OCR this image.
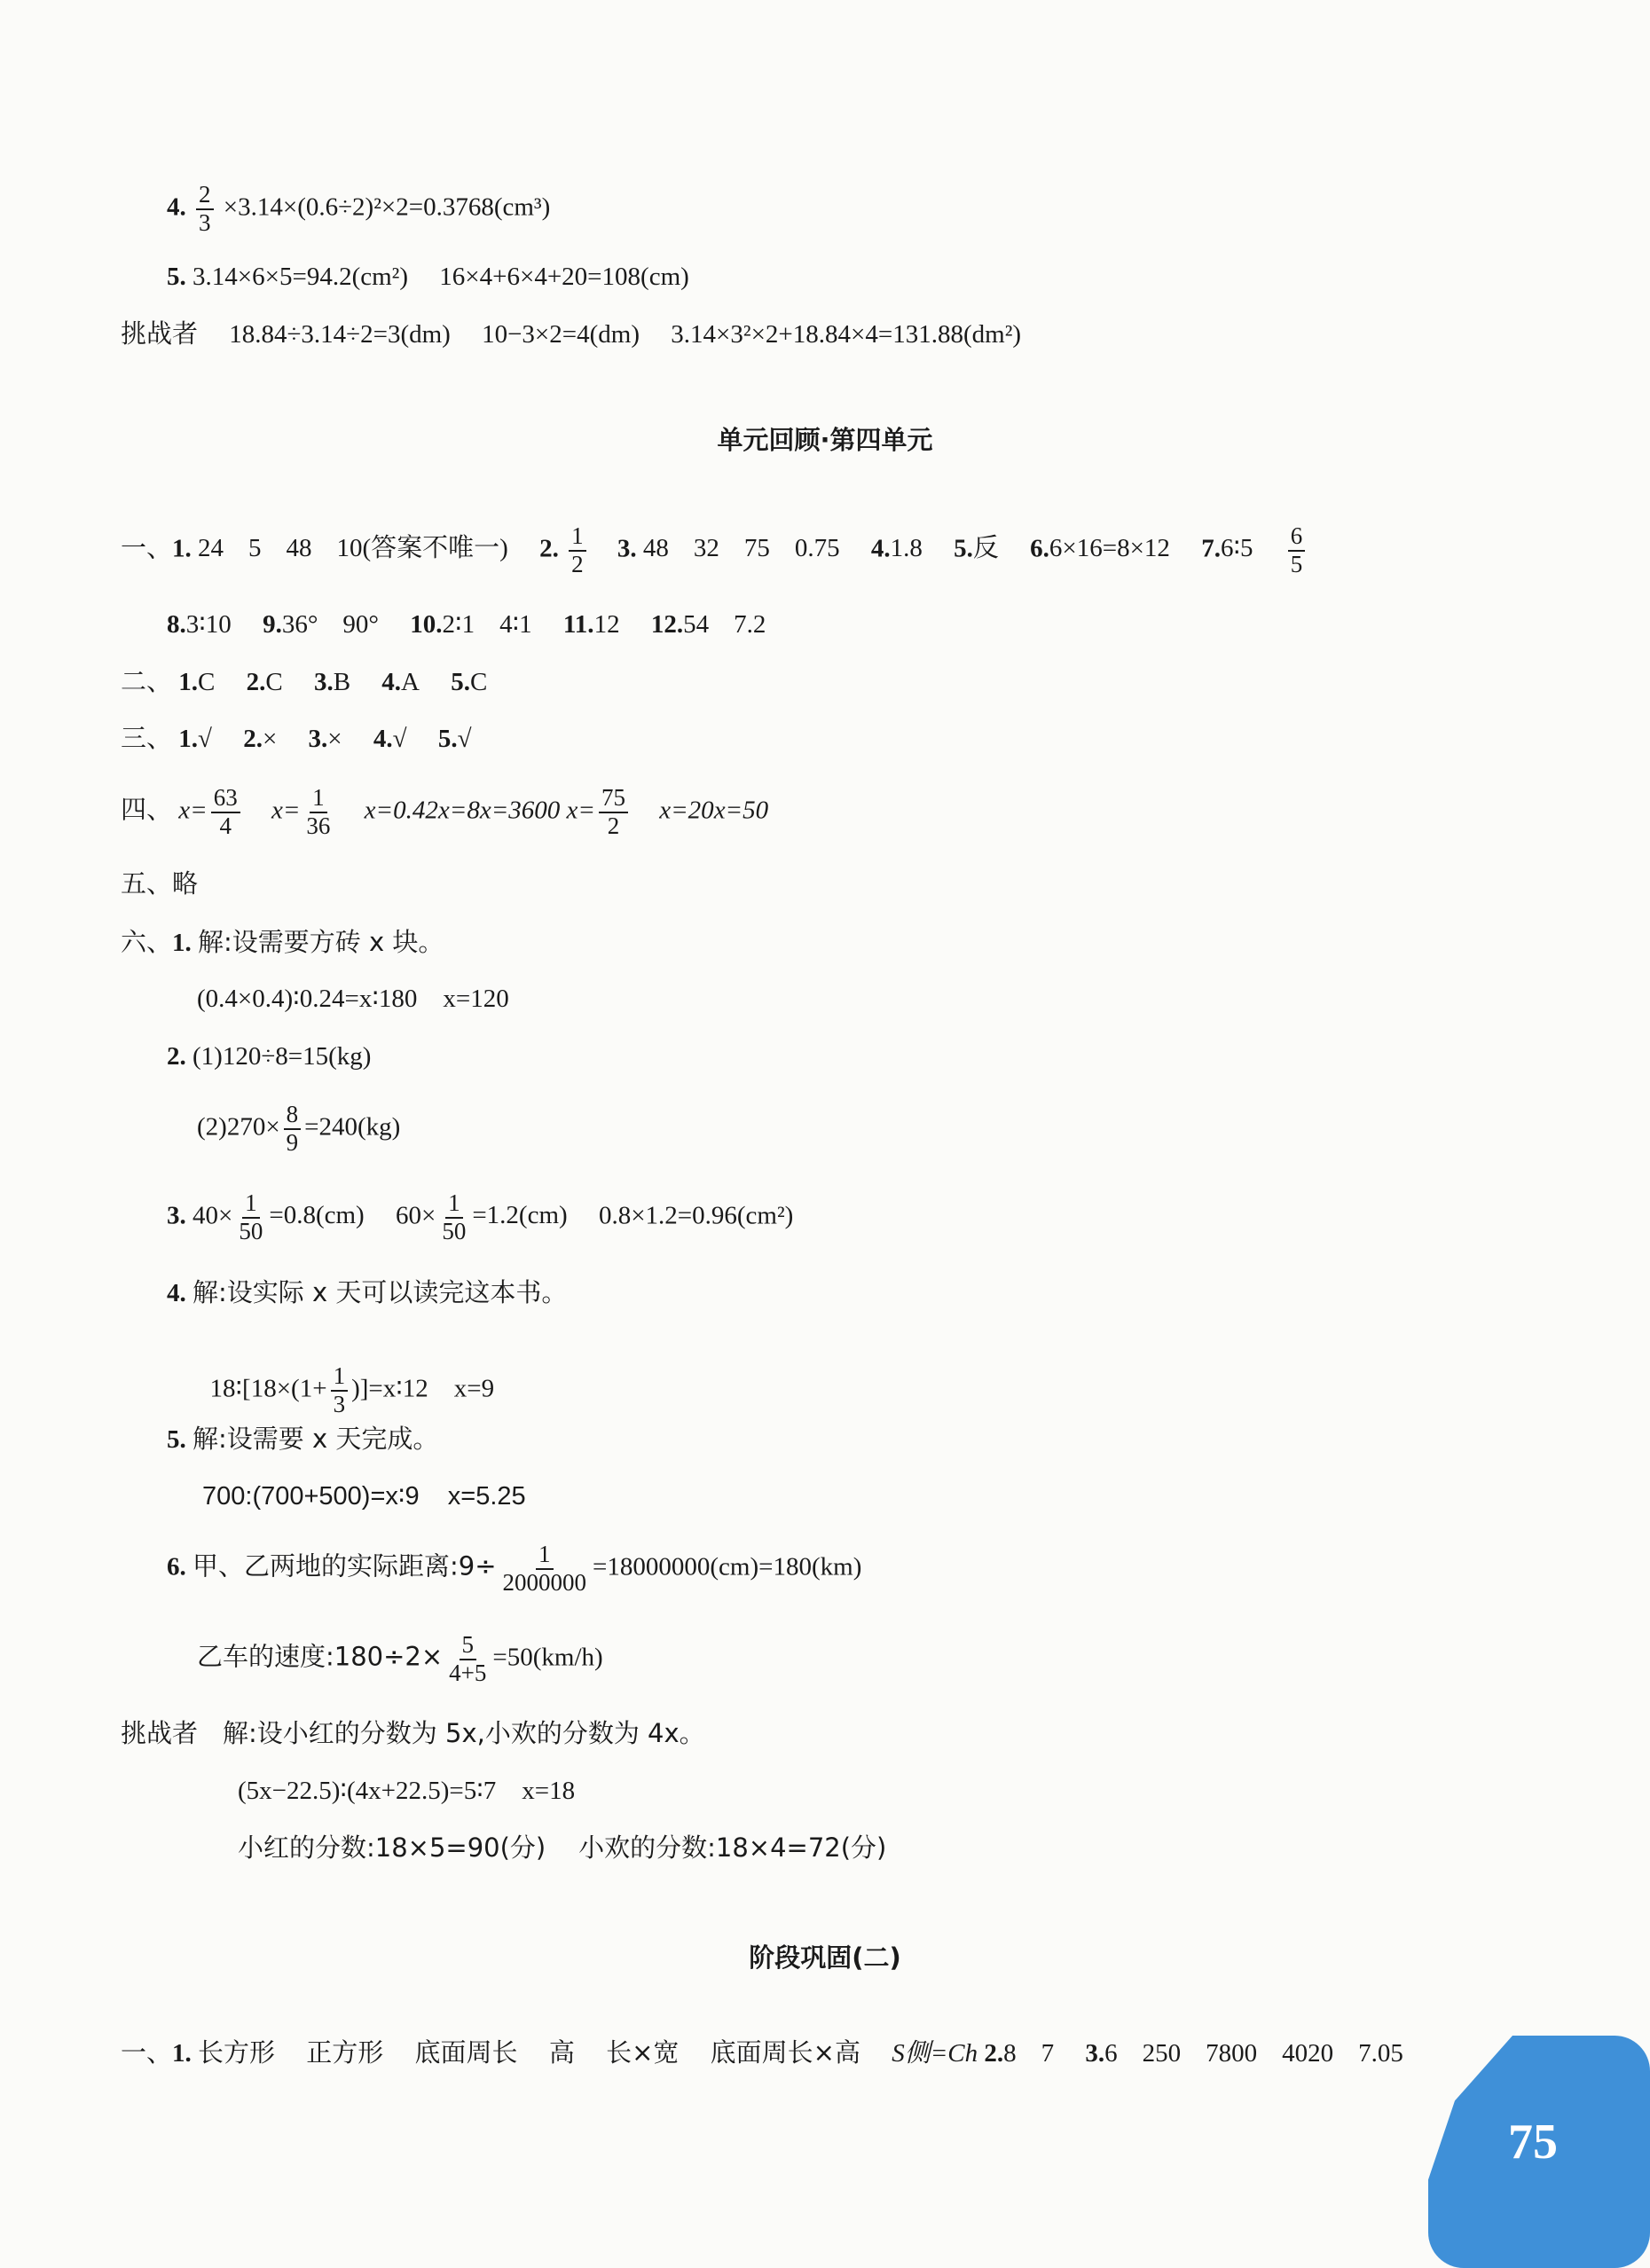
4. $\frac{2}{3} \times 3.14\times(0.6\div 2)^2\times 2=0.3768(cm^3)$
5. 3.14×6×5=94.2(cm²) 16×4+6×4+20=108(cm)
挑战者 18.84÷3.14÷2=3(dm) 10−3×2=4(dm) 3.14×3²×2+18.84×4=131.88(dm²)
单元回顾·第四单元
一、1. 24 5 48 10(答案不唯一) 2. $\frac{1}{2} 3$. 48 32 75 0.75 4.1.8 5.反 6.6×16=8×12 7.6∶5 $\frac{6}{5}$
8.3∶10 9.36° 90° 10.2∶1 4∶1 11.12 12.54 7.2
二、 1.C 2.C 3.B 4.A 5.C
三、 1.√ 2.× 3.× 4.√ 5.√
四、 $x= \frac{63}{4} x= \frac{1}{36} x=0.42x=8x=3600$ $x= \frac{75}{2} x=20x=50$
五、略
六、1. 解:设需要方砖 x 块。
(0.4×0.4)∶0.24=x∶180    x=120
2. (1)120÷8=15(kg)
$(2)270\times \frac{8}{9} =240(kg)$
3. $40\times \frac{1}{50} =0.8(cm)$ $60\times \frac{1}{50} =1.2(cm)$ 0.8×1.2=0.96(cm²)
4. 解:设实际 x 天可以读完这本书。

18∶[18×(1+ $\frac{1}{3}$ )]=x∶12    x=9

5. 解:设需要 x 天完成。
700:(700+500)=x∶9    x=5.25
6. 甲、乙两地的实际距离:9÷ $\frac{1}{2000000} =18000000(cm)=180(km)$
乙车的速度:180÷2× $\frac{5}{4+5} =50(km/h)$
挑战者 解:设小红的分数为 5x,小欢的分数为 4x。
(5x−22.5)∶(4x+22.5)=5∶7    x=18
小红的分数:18×5=90(分)    小欢的分数:18×4=72(分)
阶段巩固(二)
一、1. 长方形 正方形 底面周长 高 长×宽 底面周长×高 S侧=Ch 2.8 7 3.6 250 7800 4020 7.05
75
